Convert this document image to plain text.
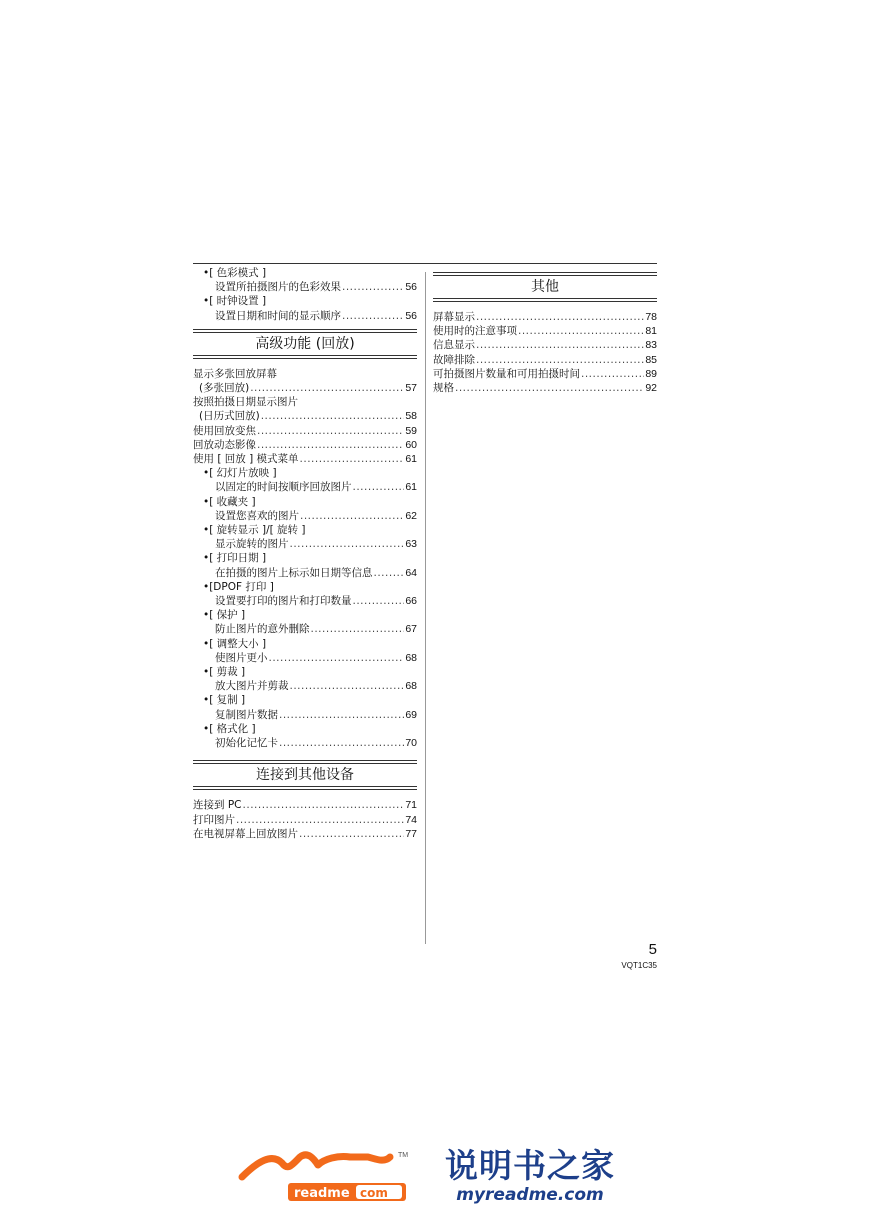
• [ 色彩模式 ]
设置所拍摄图片的色彩效果 .....	56
• [ 时钟设置 ]
设置日期和时间的显示顺序 .....	56
高级功能 (回放)
显示多张回放屏幕
(多张回放) .....	57
按照拍摄日期显示图片
(日历式回放) .....	58
使用回放变焦 .....	59
回放动态影像 .....	60
使用 [ 回放 ] 模式菜单 .....	61
• [ 幻灯片放映 ]
以固定的时间按顺序回放图片 .....	61
• [ 收藏夹 ]
设置您喜欢的图片 .....	62
• [ 旋转显示 ]/[ 旋转 ]
显示旋转的图片 .....	63
• [ 打印日期 ]
在拍摄的图片上标示如日期等信息 .....	64
• [DPOF 打印 ]
设置要打印的图片和打印数量 .....	66
• [ 保护 ]
防止图片的意外删除 .....	67
• [ 调整大小 ]
使图片更小 .....	68
• [ 剪裁 ]
放大图片并剪裁 .....	68
• [ 复制 ]
复制图片数据 .....	69
• [ 格式化 ]
初始化记忆卡 .....	70
连接到其他设备
连接到 PC .....	71
打印图片 .....	74
在电视屏幕上回放图片 .....	77
其他
屏幕显示 .....	78
使用时的注意事项 .....	81
信息显示 .....	83
故障排除 .....	85
可拍摄图片数量和可用拍摄时间 .....	89
规格 .....	92
5
VQT1C35
TM
MY
readme com
说明书之家
myreadme.com
